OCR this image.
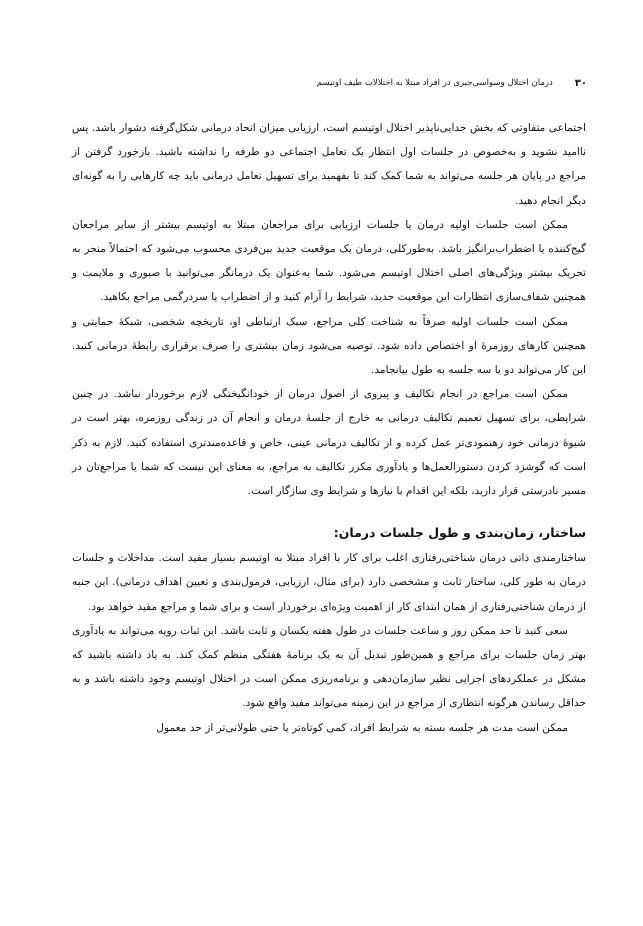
۳۰
درمان اختلال وسواسی‌جبری در افراد مبتلا به اختلالات طیف اوتیسم

اجتماعی متفاوتی که بخش جدایی‌ناپذیر اختلال اوتیسم است، ارزیابی میزان اتحاد درمانی شکل‌گرفته دشوار باشد. پس ناامید نشوید و به‌خصوص در جلسات اول انتظار یک تعامل اجتماعی دو طرفه را نداشته باشید. بازخورد گرفتن از مراجع در پایان هر جلسه می‌تواند به شما کمک کند تا بفهمید برای تسهیل تعامل درمانی باید چه کارهایی را به گونه‌ای دیگر انجام دهید.

ممکن است جلسات اولیه درمان یا جلسات ارزیابی برای مراجعان مبتلا به اوتیسم بیشتر از سایر مراجعان گیج‌کننده یا اضطراب‌برانگیز باشد. به‌طورکلی، درمان یک موقعیت جدید بین‌فردی محسوب می‌شود که احتمالاً منجر به تحریک بیشتر ویژگی‌های اصلی اختلال اوتیسم می‌شود. شما به‌عنوان یک درمانگر می‌توانید با صبوری و ملایمت و همچنین شفاف‌سازی انتظارات این موقعیت جدید، شرایط را آرام کنید و از اضطراب یا سردرگمی مراجع بکاهید.

ممکن است جلسات اولیه صرفاً به شناخت کلی مراجع، سبک ارتباطی او، تاریخچه شخصی، شبکهٔ حمایتی و همچنین کارهای روزمرهٔ او اختصاص داده شود. توصیه می‌شود زمان بیشتری را صرف برقراری رابطهٔ درمانی کنید. این کار می‌تواند دو یا سه جلسه به طول بیانجامد.

ممکن است مراجع در انجام تکالیف و پیروی از اصول درمان از خودانگیختگی لازم برخوردار نباشد. در چنین شرایطی، برای تسهیل تعمیم تکالیف درمانی به خارج از جلسهٔ درمان و انجام آن در زندگی روزمره، بهتر است در شیوهٔ درمانی خود رهنمودی‌تر عمل کرده و از تکالیف درمانی عینی، خاص و قاعده‌مندتری استفاده کنید. لازم به ذکر است که گوشزد کردن دستورالعمل‌ها و یادآوری مکرر تکالیف به مراجع، به معنای این نیست که شما یا مراجع‌تان در مسیر نادرستی قرار دارید، بلکه این اقدام با نیازها و شرایط وی سازگار است.

ساختار، زمان‌بندی و طول جلسات درمان:

ساختارمندی ذاتی درمان شناختی‌رفتاری اغلب برای کار با افراد مبتلا به اوتیسم بسیار مفید است. مداخلات و جلسات درمان به طور کلی، ساختار ثابت و مشخصی دارد (برای مثال، ارزیابی، فرمول‌بندی و تعیین اهداف درمانی). این جنبه از درمان شناختی‌رفتاری از همان ابتدای کار از اهمیت ویژه‌ای برخوردار است و برای شما و مراجع مفید خواهد بود.

سعی کنید تا حد ممکن روز و ساعت جلسات در طول هفته یکسان و ثابت باشد. این ثبات رویه می‌تواند به یادآوری بهتر زمان جلسات برای مراجع و همین‌طور تبدیل آن به یک برنامهٔ هفتگی منظم کمک کند. به یاد داشته باشید که مشکل در عملکردهای اجرایی نظیر سازمان‌دهی و برنامه‌ریزی ممکن است در اختلال اوتیسم وجود داشته باشد و به حداقل رساندن هرگونه انتظاری از مراجع در این زمینه می‌تواند مفید واقع شود.

ممکن است مدت هر جلسه بسته به شرایط افراد، کمی کوتاه‌تر یا حتی طولانی‌تر از حد معمول
